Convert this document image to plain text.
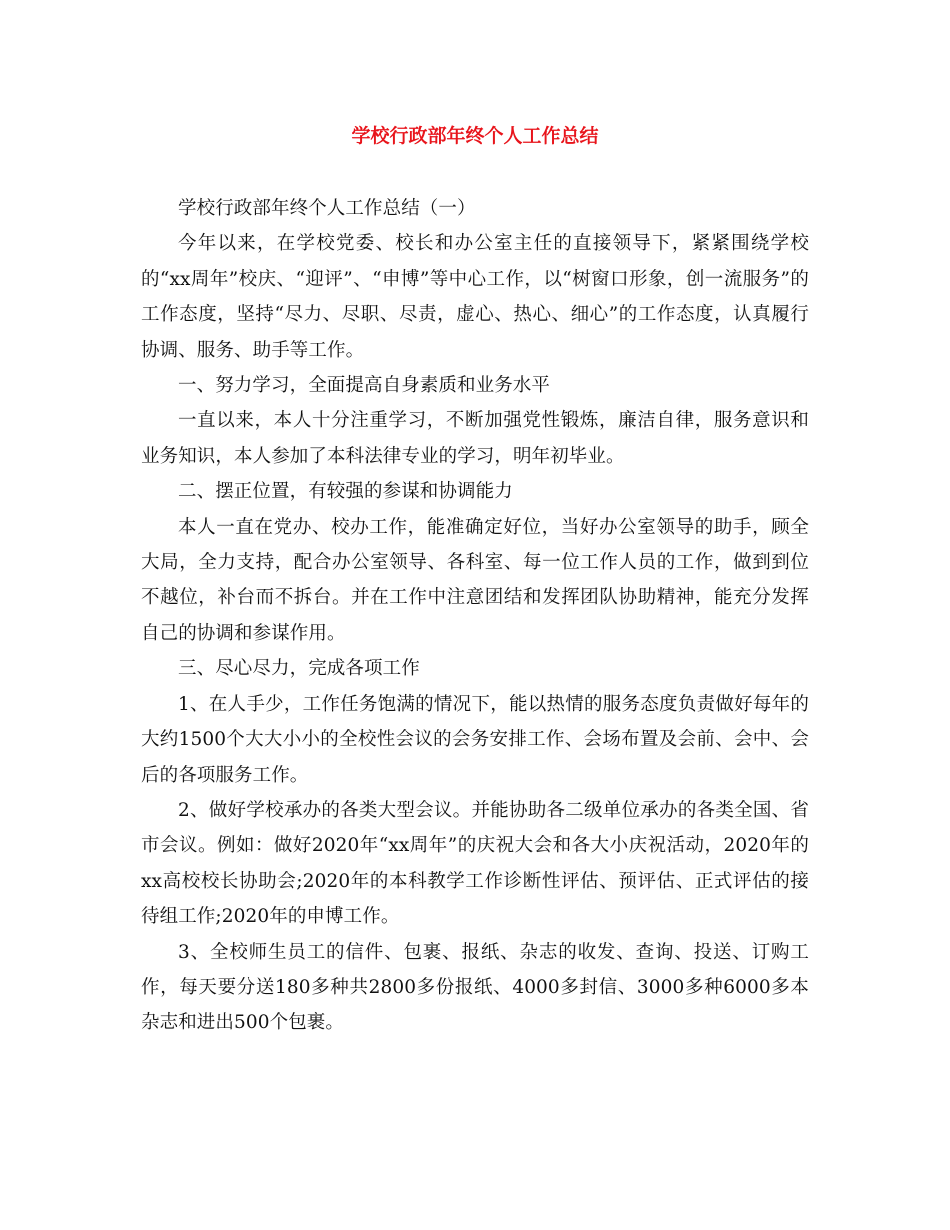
学校行政部年终个人工作总结

学校行政部年终个人工作总结（一）

今年以来，在学校党委、校长和办公室主任的直接领导下，紧紧围绕学校的“xx周年”校庆、“迎评”、“申博”等中心工作，以“树窗口形象，创一流服务”的工作态度，坚持“尽力、尽职、尽责，虚心、热心、细心”的工作态度，认真履行协调、服务、助手等工作。

一、努力学习，全面提高自身素质和业务水平

一直以来，本人十分注重学习，不断加强党性锻炼，廉洁自律，服务意识和业务知识，本人参加了本科法律专业的学习，明年初毕业。

二、摆正位置，有较强的参谋和协调能力

本人一直在党办、校办工作，能准确定好位，当好办公室领导的助手，顾全大局，全力支持，配合办公室领导、各科室、每一位工作人员的工作，做到到位不越位，补台而不拆台。并在工作中注意团结和发挥团队协助精神，能充分发挥自己的协调和参谋作用。

三、尽心尽力，完成各项工作

1、在人手少，工作任务饱满的情况下，能以热情的服务态度负责做好每年的大约1500个大大小小的全校性会议的会务安排工作、会场布置及会前、会中、会后的各项服务工作。

2、做好学校承办的各类大型会议。并能协助各二级单位承办的各类全国、省市会议。例如：做好2020年“xx周年”的庆祝大会和各大小庆祝活动，2020年的xx高校校长协助会;2020年的本科教学工作诊断性评估、预评估、正式评估的接待组工作;2020年的申博工作。

3、全校师生员工的信件、包裹、报纸、杂志的收发、查询、投送、订购工作，每天要分送180多种共2800多份报纸、4000多封信、3000多种6000多本杂志和进出500个包裹。
